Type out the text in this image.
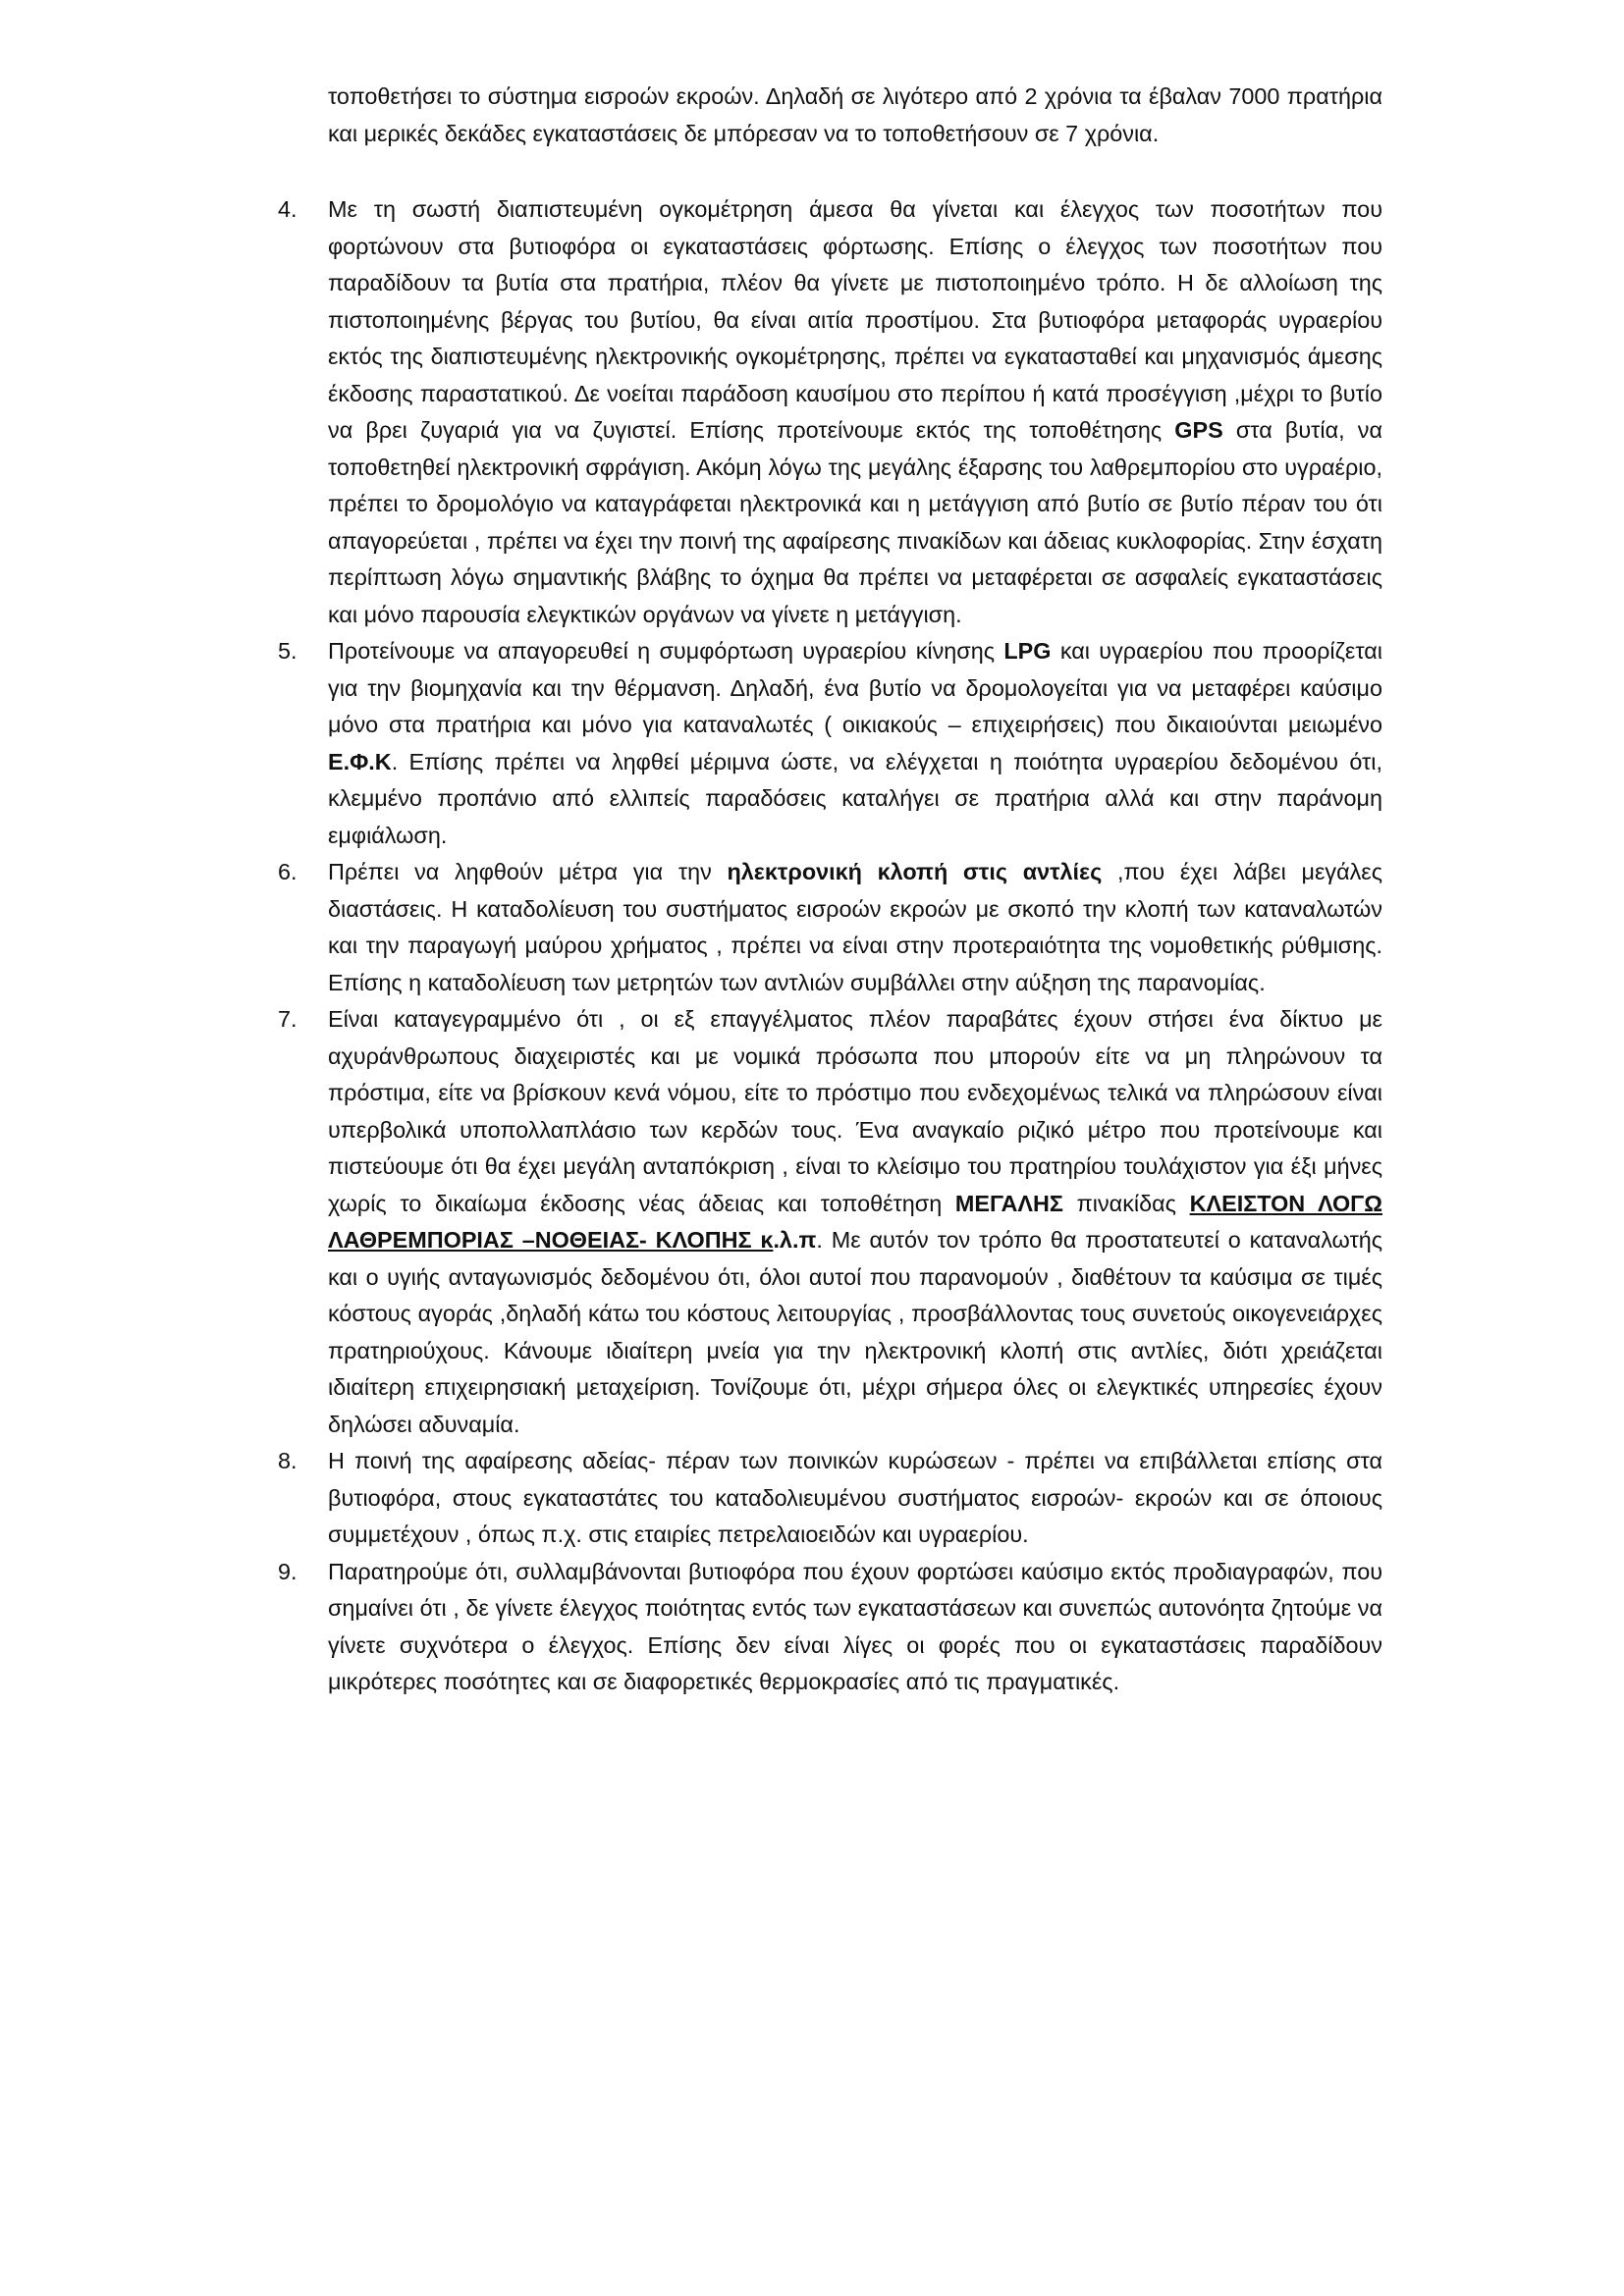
τοποθετήσει το σύστημα εισροών εκροών. Δηλαδή σε λιγότερο από 2 χρόνια τα έβαλαν 7000 πρατήρια και μερικές δεκάδες εγκαταστάσεις δε μπόρεσαν να το τοποθετήσουν σε 7 χρόνια.

4. Με τη σωστή διαπιστευμένη ογκομέτρηση άμεσα θα γίνεται και έλεγχος των ποσοτήτων που φορτώνουν στα βυτιοφόρα οι εγκαταστάσεις φόρτωσης. Επίσης ο έλεγχος των ποσοτήτων που παραδίδουν τα βυτία στα πρατήρια, πλέον θα γίνετε με πιστοποιημένο τρόπο. Η δε αλλοίωση της πιστοποιημένης βέργας του βυτίου, θα είναι αιτία προστίμου. Στα βυτιοφόρα μεταφοράς υγραερίου εκτός της διαπιστευμένης ηλεκτρονικής ογκομέτρησης, πρέπει να εγκατασταθεί και μηχανισμός άμεσης έκδοσης παραστατικού. Δε νοείται παράδοση καυσίμου στο περίπου ή κατά προσέγγιση ,μέχρι το βυτίο να βρει ζυγαριά για να ζυγιστεί. Επίσης προτείνουμε εκτός της τοποθέτησης GPS στα βυτία, να τοποθετηθεί ηλεκτρονική σφράγιση. Ακόμη λόγω της μεγάλης έξαρσης του λαθρεμπορίου στο υγραέριο, πρέπει το δρομολόγιο να καταγράφεται ηλεκτρονικά και η μετάγγιση από βυτίο σε βυτίο πέραν του ότι απαγορεύεται , πρέπει να έχει την ποινή της αφαίρεσης πινακίδων και άδειας κυκλοφορίας. Στην έσχατη περίπτωση λόγω σημαντικής βλάβης το όχημα θα πρέπει να μεταφέρεται σε ασφαλείς εγκαταστάσεις και μόνο παρουσία ελεγκτικών οργάνων να γίνετε η μετάγγιση.
5. Προτείνουμε να απαγορευθεί η συμφόρτωση υγραερίου κίνησης LPG και υγραερίου που προορίζεται για την βιομηχανία και την θέρμανση. Δηλαδή, ένα βυτίο να δρομολογείται για να μεταφέρει καύσιμο μόνο στα πρατήρια και μόνο για καταναλωτές ( οικιακούς – επιχειρήσεις) που δικαιούνται μειωμένο Ε.Φ.Κ. Επίσης πρέπει να ληφθεί μέριμνα ώστε, να ελέγχεται η ποιότητα υγραερίου δεδομένου ότι, κλεμμένο προπάνιο από ελλιπείς παραδόσεις καταλήγει σε πρατήρια αλλά και στην παράνομη εμφιάλωση.
6. Πρέπει να ληφθούν μέτρα για την ηλεκτρονική κλοπή στις αντλίες ,που έχει λάβει μεγάλες διαστάσεις. Η καταδολίευση του συστήματος εισροών εκροών με σκοπό την κλοπή των καταναλωτών και την παραγωγή μαύρου χρήματος , πρέπει να είναι στην προτεραιότητα της νομοθετικής ρύθμισης. Επίσης η καταδολίευση των μετρητών των αντλιών συμβάλλει στην αύξηση της παρανομίας.
7. Είναι καταγεγραμμένο ότι , οι εξ επαγγέλματος πλέον παραβάτες έχουν στήσει ένα δίκτυο με αχυράνθρωπους διαχειριστές και με νομικά πρόσωπα που μπορούν είτε να μη πληρώνουν τα πρόστιμα, είτε να βρίσκουν κενά νόμου, είτε το πρόστιμο που ενδεχομένως τελικά να πληρώσουν είναι υπερβολικά υποπολλαπλάσιο των κερδών τους. Ένα αναγκαίο ριζικό μέτρο που προτείνουμε και πιστεύουμε ότι θα έχει μεγάλη ανταπόκριση , είναι το κλείσιμο του πρατηρίου τουλάχιστον για έξι μήνες χωρίς το δικαίωμα έκδοσης νέας άδειας και τοποθέτηση ΜΕΓΑΛΗΣ πινακίδας ΚΛΕΙΣΤΟΝ ΛΟΓΩ ΛΑΘΡΕΜΠΟΡΙΑΣ –ΝΟΘΕΙΑΣ- ΚΛΟΠΗΣ κ.λ.π. Με αυτόν τον τρόπο θα προστατευτεί ο καταναλωτής και ο υγιής ανταγωνισμός δεδομένου ότι, όλοι αυτοί που παρανομούν , διαθέτουν τα καύσιμα σε τιμές κόστους αγοράς ,δηλαδή κάτω του κόστους λειτουργίας , προσβάλλοντας τους συνετούς οικογενειάρχες πρατηριούχους. Κάνουμε ιδιαίτερη μνεία για την ηλεκτρονική κλοπή στις αντλίες, διότι χρειάζεται ιδιαίτερη επιχειρησιακή μεταχείριση. Τονίζουμε ότι, μέχρι σήμερα όλες οι ελεγκτικές υπηρεσίες έχουν δηλώσει αδυναμία.
8. Η ποινή της αφαίρεσης αδείας- πέραν των ποινικών κυρώσεων - πρέπει να επιβάλλεται επίσης στα βυτιοφόρα, στους εγκαταστάτες του καταδολιευμένου συστήματος εισροών- εκροών και σε όποιους συμμετέχουν , όπως π.χ. στις εταιρίες πετρελαιοειδών και υγραερίου.
9. Παρατηρούμε ότι, συλλαμβάνονται βυτιοφόρα που έχουν φορτώσει καύσιμο εκτός προδιαγραφών, που σημαίνει ότι , δε γίνετε έλεγχος ποιότητας εντός των εγκαταστάσεων και συνεπώς αυτονόητα ζητούμε να γίνετε συχνότερα ο έλεγχος. Επίσης δεν είναι λίγες οι φορές που οι εγκαταστάσεις παραδίδουν μικρότερες ποσότητες και σε διαφορετικές θερμοκρασίες από τις πραγματικές.
